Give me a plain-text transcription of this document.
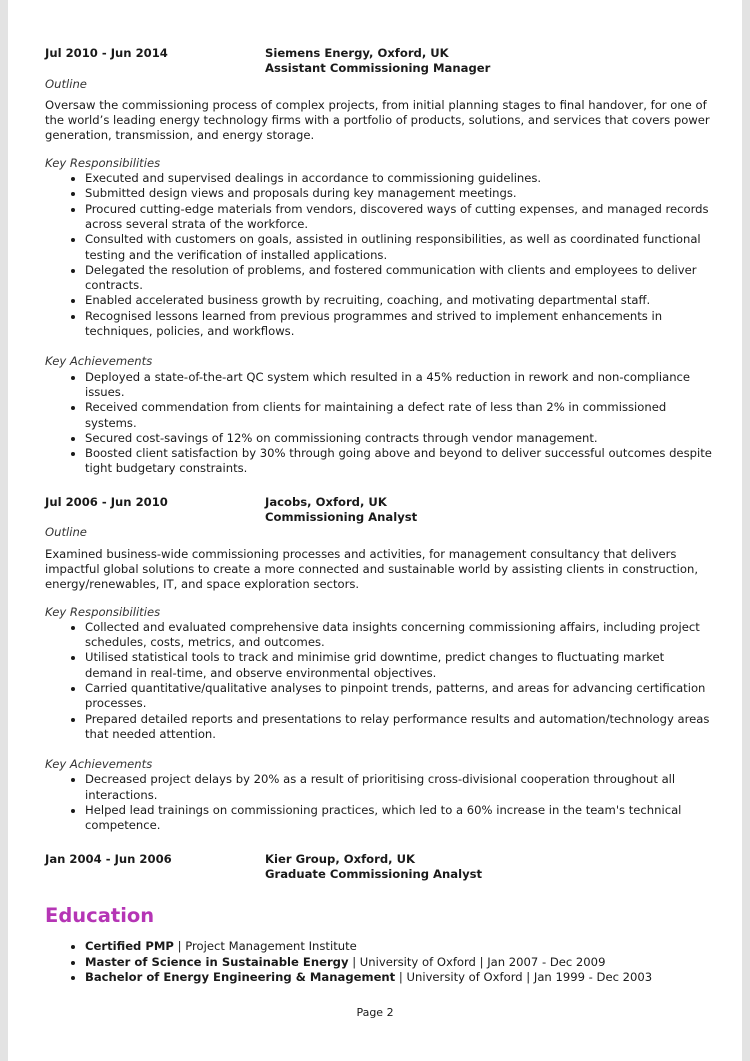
Jul 2010 - Jun 2014	Siemens Energy, Oxford, UK
Assistant Commissioning Manager
Outline

Oversaw the commissioning process of complex projects, from initial planning stages to final handover, for one of the world’s leading energy technology firms with a portfolio of products, solutions, and services that covers power generation, transmission, and energy storage.

Key Responsibilities
• Executed and supervised dealings in accordance to commissioning guidelines.
• Submitted design views and proposals during key management meetings.
• Procured cutting-edge materials from vendors, discovered ways of cutting expenses, and managed records across several strata of the workforce.
• Consulted with customers on goals, assisted in outlining responsibilities, as well as coordinated functional testing and the verification of installed applications.
• Delegated the resolution of problems, and fostered communication with clients and employees to deliver contracts.
• Enabled accelerated business growth by recruiting, coaching, and motivating departmental staff.
• Recognised lessons learned from previous programmes and strived to implement enhancements in techniques, policies, and workflows.
Key Achievements
• Deployed a state-of-the-art QC system which resulted in a 45% reduction in rework and non-compliance issues.
• Received commendation from clients for maintaining a defect rate of less than 2% in commissioned systems.
• Secured cost-savings of 12% on commissioning contracts through vendor management.
• Boosted client satisfaction by 30% through going above and beyond to deliver successful outcomes despite tight budgetary constraints.
Jul 2006 - Jun 2010	Jacobs, Oxford, UK
Commissioning Analyst
Outline

Examined business-wide commissioning processes and activities, for management consultancy that delivers impactful global solutions to create a more connected and sustainable world by assisting clients in construction, energy/renewables, IT, and space exploration sectors.

Key Responsibilities
• Collected and evaluated comprehensive data insights concerning commissioning affairs, including project schedules, costs, metrics, and outcomes.
• Utilised statistical tools to track and minimise grid downtime, predict changes to fluctuating market demand in real-time, and observe environmental objectives.
• Carried quantitative/qualitative analyses to pinpoint trends, patterns, and areas for advancing certification processes.
• Prepared detailed reports and presentations to relay performance results and automation/technology areas that needed attention.
Key Achievements
• Decreased project delays by 20% as a result of prioritising cross-divisional cooperation throughout all interactions.
• Helped lead trainings on commissioning practices, which led to a 60% increase in the team's technical competence.
Jan 2004 - Jun 2006	Kier Group, Oxford, UK
Graduate Commissioning Analyst
Education
• Certified PMP | Project Management Institute
• Master of Science in Sustainable Energy | University of Oxford | Jan 2007 - Dec 2009
• Bachelor of Energy Engineering & Management | University of Oxford | Jan 1999 - Dec 2003
Page 2
